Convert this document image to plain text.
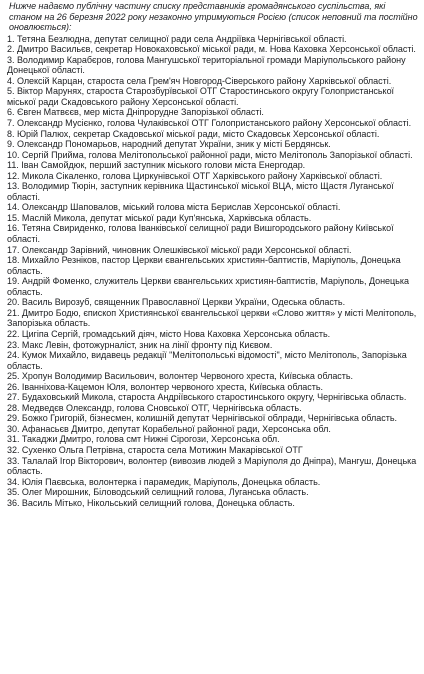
Нижче надаємо публічну частину списку представників громадянського суспільства, які станом на 26 березня 2022 року незаконно утримуються Росією (список неповний та постійно оновлюється):

1. Тетяна Безлюдна, депутат селищної ради села Андріївка Чернігівської області.
2. Дмитро Васильєв, секретар Новокаховської міської ради, м. Нова Каховка Херсонської області.
3. Володимир Карабєров, голова Мангушської територіальної громади Маріупольського району Донецької області.
4. Олексій Карцан, староста села Грем'яч Новгород-Сіверського району Харківської області.
5. Віктор Марунях, староста Старозбурївської ОТГ Старостинського округу Голопристанської міської ради Скадовського району Херсонської області.
6. Євген Матвєєв, мер міста Дніпрорудне Запорізької області.
7. Олександр Мусієнко, голова Чулаківської ОТГ Голопристанського району Херсонської області.
8. Юрій Палюх, секретар Скадовської міської ради, місто Скадовськ Херсонської області.
9. Олександр Пономарьов, народний депутат України, зник у місті Бердянськ.
10. Сергій Прийма, голова Мелітопольської районної ради, місто Мелітополь Запорізької області.
11. Іван Самойдюк, перший заступник міського голови міста Енергодар.
12. Микола Сікаленко, голова Циркунівської ОТГ Харківського району Харківської області.
13. Володимир Тюрін, заступник керівника Щастинської міської ВЦА, місто Щастя Луганської області.
14. Олександр Шаповалов, міський голова міста Берислав Херсонської області.
15. Маслій Микола, депутат міської ради Куп'янська, Харківська область.
16. Тетяна Свириденко, голова Іванківської селищної ради Вишгородського району Київської області.
17. Олександр Зарівний, чиновник Олешківської міської ради Херсонської області.
18. Михайло Резніков, пастор Церкви євангельських християн-баптистів, Маріуполь, Донецька область.
19. Андрій Фоменко, служитель Церкви євангельських християн-баптистів, Маріуполь, Донецька область.
20. Василь Вирозуб, священник Православної Церкви України, Одеська область.
21. Дмитро Бодю, єпископ Християнської євангельської церкви «Слово життя» у місті Мелітополь, Запорізька область.
22. Цигіпа Сергій, громадський діяч, місто Нова Каховка Херсонська область.
23. Макс Левін, фотожурналіст, зник на лінії фронту під Києвом.
24. Кумок Михайло, видавець редакції "Мелітопольські відомості", місто Мелітополь, Запорізька область.
25. Хропун Володимир Васильович, волонтер Червоного хреста, Київська область.
26. Іванніхова-Кацемон Юля, волонтер червоного хреста, Київська область.
27. Будаховський Микола, староста Андріївського старостинського округу, Чернігівська область.
28. Медведєв Олександр, голова Сновської ОТГ, Чернігівська область.
29. Божко Григорій, бізнесмен, колишній депутат Чернігівської облради, Чернігівська область.
30. Афанасьєв Дмитро, депутат Корабельної районної ради, Херсонська обл.
31. Такаджи Дмитро, голова смт Нижні Сірогози, Херсонська обл.
32. Сухенко Ольга Петрівна, староста села Мотижин Макарівської ОТГ
33. Талалай Ігор Вікторович, волонтер (вивозив людей з Маріуполя до Дніпра), Мангуш, Донецька область.
34. Юлія Паєвська, волонтерка і парамедик, Маріуполь, Донецька область.
35. Олег Мирошник, Біловодський селищний голова, Луганська область.
36. Василь Мітько, Нікольський селищний голова, Донецька область.
